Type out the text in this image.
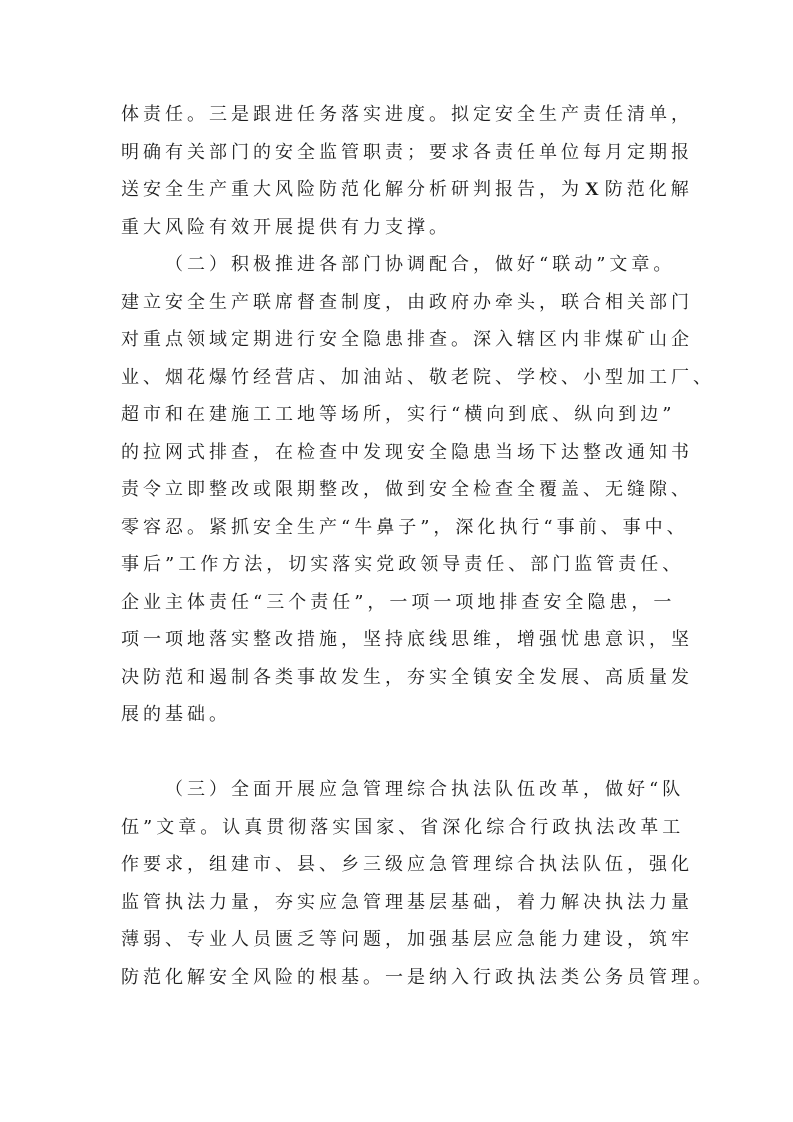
体责任。三是跟进任务落实进度。拟定安全生产责任清单，
明确有关部门的安全监管职责；要求各责任单位每月定期报
送安全生产重大风险防范化解分析研判报告，为 X 防范化解
重大风险有效开展提供有力支撑。
（二）积极推进各部门协调配合，做好“联动”文章。
建立安全生产联席督查制度，由政府办牵头，联合相关部门
对重点领域定期进行安全隐患排查。深入辖区内非煤矿山企
业、烟花爆竹经营店、加油站、敬老院、学校、小型加工厂、
超市和在建施工工地等场所，实行“横向到底、纵向到边”
的拉网式排查，在检查中发现安全隐患当场下达整改通知书
责令立即整改或限期整改，做到安全检查全覆盖、无缝隙、
零容忍。紧抓安全生产“牛鼻子”，深化执行“事前、事中、
事后”工作方法，切实落实党政领导责任、部门监管责任、
企业主体责任“三个责任”，一项一项地排查安全隐患，一
项一项地落实整改措施，坚持底线思维，增强忧患意识，坚
决防范和遏制各类事故发生，夯实全镇安全发展、高质量发
展的基础。
（三）全面开展应急管理综合执法队伍改革，做好“队
伍”文章。认真贯彻落实国家、省深化综合行政执法改革工
作要求，组建市、县、乡三级应急管理综合执法队伍，强化
监管执法力量，夯实应急管理基层基础，着力解决执法力量
薄弱、专业人员匮乏等问题，加强基层应急能力建设，筑牢
防范化解安全风险的根基。一是纳入行政执法类公务员管理。
